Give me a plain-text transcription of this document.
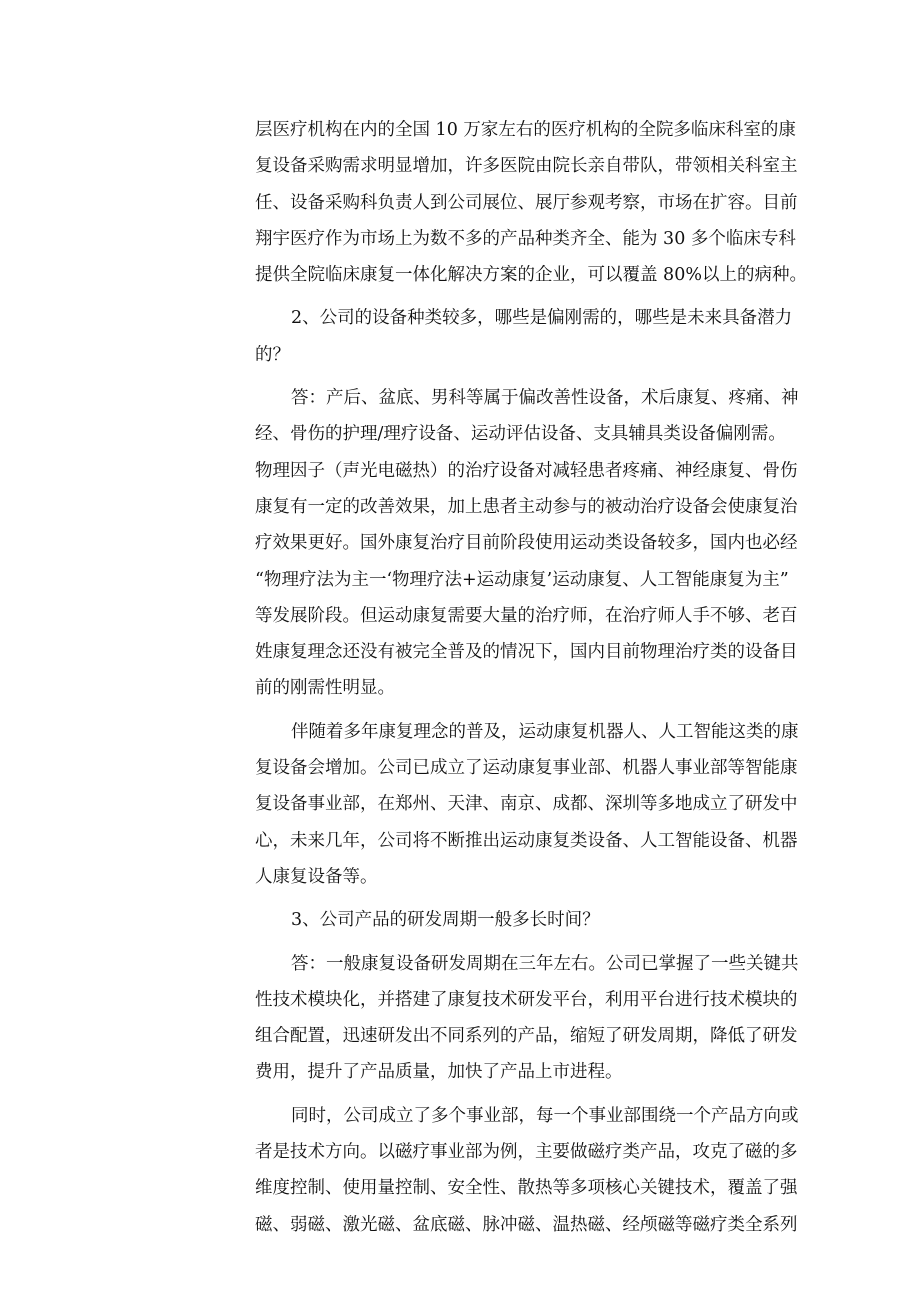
层医疗机构在内的全国 10 万家左右的医疗机构的全院多临床科室的康
复设备采购需求明显增加，许多医院由院长亲自带队，带领相关科室主
任、设备采购科负责人到公司展位、展厅参观考察，市场在扩容。目前
翔宇医疗作为市场上为数不多的产品种类齐全、能为 30 多个临床专科
提供全院临床康复一体化解决方案的企业，可以覆盖 80%以上的病种。
2、公司的设备种类较多，哪些是偏刚需的，哪些是未来具备潜力
的？
答：产后、盆底、男科等属于偏改善性设备，术后康复、疼痛、神
经、骨伤的护理/理疗设备、运动评估设备、支具辅具类设备偏刚需。
物理因子（声光电磁热）的治疗设备对减轻患者疼痛、神经康复、骨伤
康复有一定的改善效果，加上患者主动参与的被动治疗设备会使康复治
疗效果更好。国外康复治疗目前阶段使用运动类设备较多，国内也必经
“物理疗法为主一‘物理疗法+运动康复’运动康复、人工智能康复为主”
等发展阶段。但运动康复需要大量的治疗师，在治疗师人手不够、老百
姓康复理念还没有被完全普及的情况下，国内目前物理治疗类的设备目
前的刚需性明显。
伴随着多年康复理念的普及，运动康复机器人、人工智能这类的康
复设备会增加。公司已成立了运动康复事业部、机器人事业部等智能康
复设备事业部，在郑州、天津、南京、成都、深圳等多地成立了研发中
心，未来几年，公司将不断推出运动康复类设备、人工智能设备、机器
人康复设备等。
3、公司产品的研发周期一般多长时间？
答：一般康复设备研发周期在三年左右。公司已掌握了一些关键共
性技术模块化，并搭建了康复技术研发平台，利用平台进行技术模块的
组合配置，迅速研发出不同系列的产品，缩短了研发周期，降低了研发
费用，提升了产品质量，加快了产品上市进程。
同时，公司成立了多个事业部，每一个事业部围绕一个产品方向或
者是技术方向。以磁疗事业部为例，主要做磁疗类产品，攻克了磁的多
维度控制、使用量控制、安全性、散热等多项核心关键技术，覆盖了强
磁、弱磁、激光磁、盆底磁、脉冲磁、温热磁、经颅磁等磁疗类全系列
